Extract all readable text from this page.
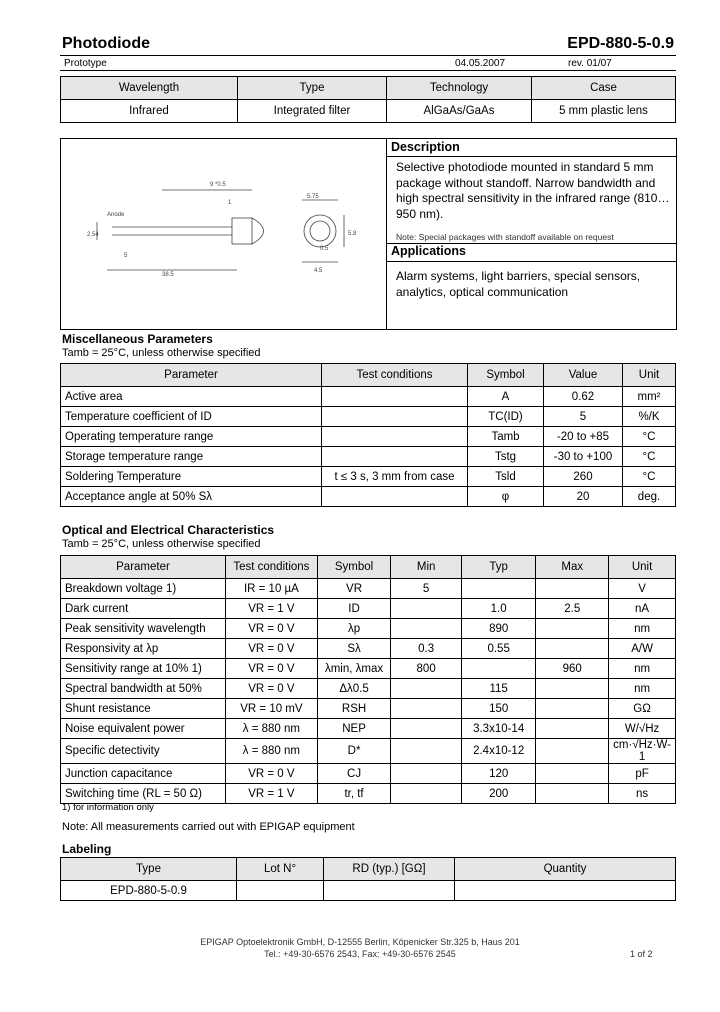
Photodiode	EPD-880-5-0.9
Prototype	04.05.2007	rev. 01/07
Wavelength	Type	Technology	Case
Infrared	Integrated filter	AlGaAs/GaAs	5 mm plastic lens
9 *0.5
5.75
5.8
4.5
38.5
5
2.54
0.5
1
Anode
Description
Selective photodiode mounted in standard 5 mm package without standoff. Narrow bandwidth and high spectral sensitivity in the infrared range (810…950 nm).
Note: Special packages with standoff available on request
Applications
Alarm systems, light barriers, special sensors, analytics, optical communication
Miscellaneous Parameters
Tamb = 25°C, unless otherwise specified
Parameter	Test conditions	Symbol	Value	Unit
Active area		A	0.62	mm²
Temperature coefficient of ID		TC(ID)	5	%/K
Operating temperature range		Tamb	-20 to +85	°C
Storage temperature range		Tstg	-30 to +100	°C
Soldering Temperature	t ≤ 3 s, 3 mm from case	Tsld	260	°C
Acceptance angle at 50% Sλ		φ	20	deg.
Optical and Electrical Characteristics
Tamb = 25°C, unless otherwise specified
Parameter	Test conditions	Symbol	Min	Typ	Max	Unit
Breakdown voltage 1)	IR = 10 µA	VR	5			V
Dark current	VR = 1 V	ID		1.0	2.5	nA
Peak sensitivity wavelength	VR = 0 V	λp		890		nm
Responsivity at λp	VR = 0 V	Sλ	0.3	0.55		A/W
Sensitivity range at 10% 1)	VR = 0 V	λmin, λmax	800		960	nm
Spectral bandwidth at 50%	VR = 0 V	Δλ0.5		115		nm
Shunt resistance	VR = 10 mV	RSH		150		GΩ
Noise equivalent power	λ = 880 nm	NEP		3.3x10-14		W/√Hz
Specific detectivity	λ = 880 nm	D*		2.4x10-12		cm·√Hz·W-1
Junction capacitance	VR = 0 V	CJ		120		pF
Switching time (RL = 50 Ω)	VR = 1 V	tr, tf		200		ns
1) for information only
Note: All measurements carried out with EPIGAP equipment
Labeling
Type	Lot N°	RD (typ.) [GΩ]	Quantity
EPD-880-5-0.9			
EPIGAP Optoelektronik GmbH, D-12555 Berlin, Köpenicker Str.325 b, Haus 201
Tel.: +49-30-6576 2543, Fax: +49-30-6576 2545	1 of 2
